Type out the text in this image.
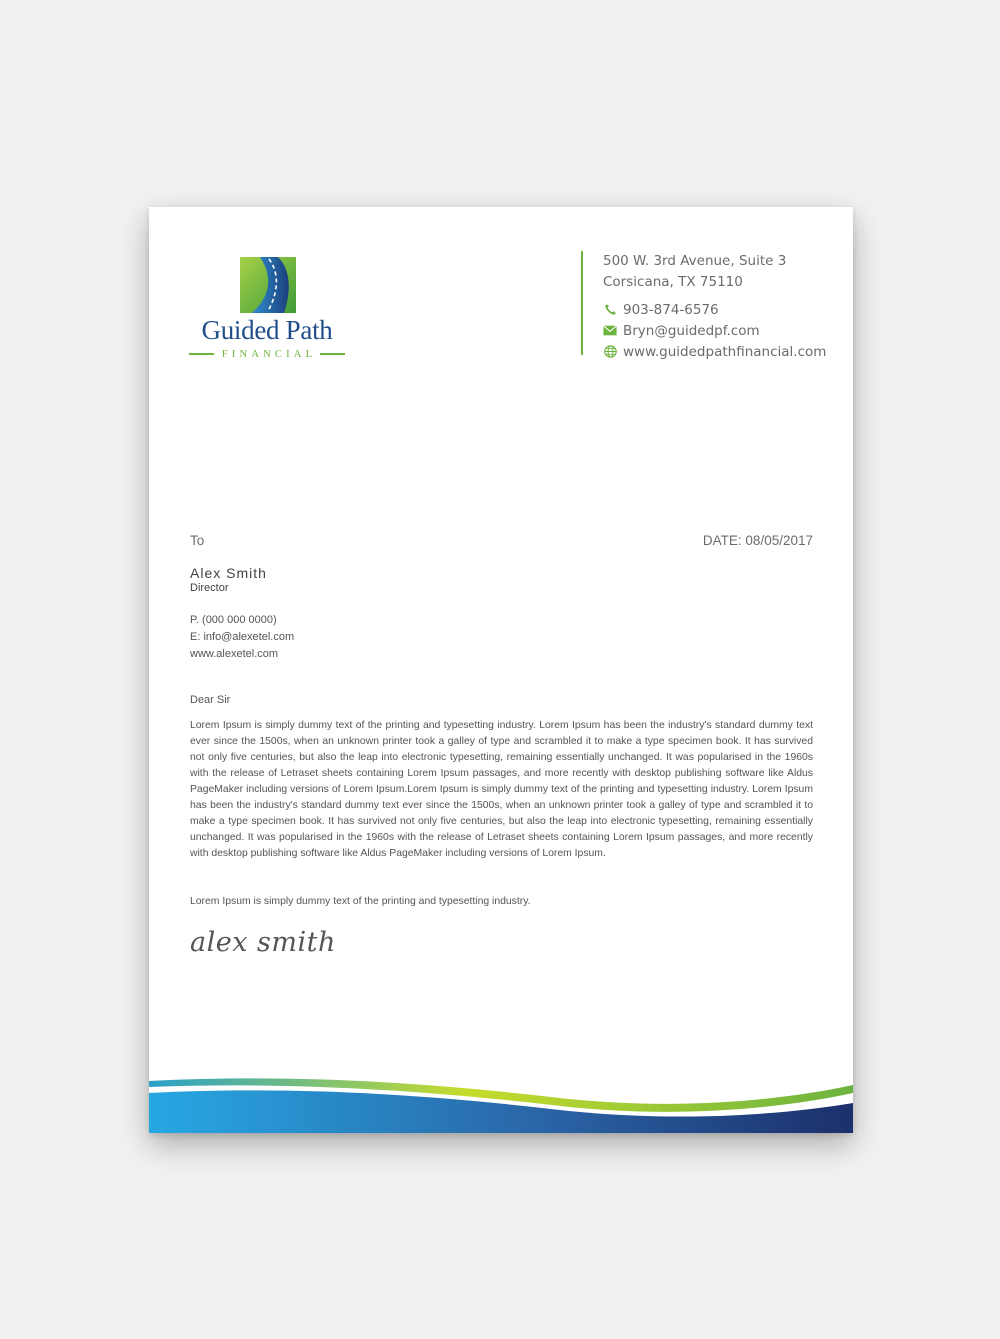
Guided Path
FINANCIAL
500 W. 3rd Avenue, Suite 3
Corsicana, TX 75110
903-874-6576
Bryn@guidedpf.com
www.guidedpathfinancial.com
To	DATE: 08/05/2017
Alex Smith
Director
P. (000 000 0000)
E: info@alexetel.com
www.alexetel.com
Dear Sir
Lorem Ipsum is simply dummy text of the printing and typesetting industry. Lorem Ipsum has been the industry's standard dummy text ever since the 1500s, when an unknown printer took a galley of type and scrambled it to make a type specimen book. It has survived not only five centuries, but also the leap into electronic typesetting, remaining essentially unchanged. It was popularised in the 1960s with the release of Letraset sheets containing Lorem Ipsum passages, and more recently with desktop publishing software like Aldus PageMaker including versions of Lorem Ipsum.Lorem Ipsum is simply dummy text of the printing and typesetting industry. Lorem Ipsum has been the industry's standard dummy text ever since the 1500s, when an unknown printer took a galley of type and scrambled it to make a type specimen book. It has survived not only five centuries, but also the leap into electronic typesetting, remaining essentially unchanged. It was popularised in the 1960s with the release of Letraset sheets containing Lorem Ipsum passages, and more recently with desktop publishing software like Aldus PageMaker including versions of Lorem Ipsum.
Lorem Ipsum is simply dummy text of the printing and typesetting industry.
alex smith
